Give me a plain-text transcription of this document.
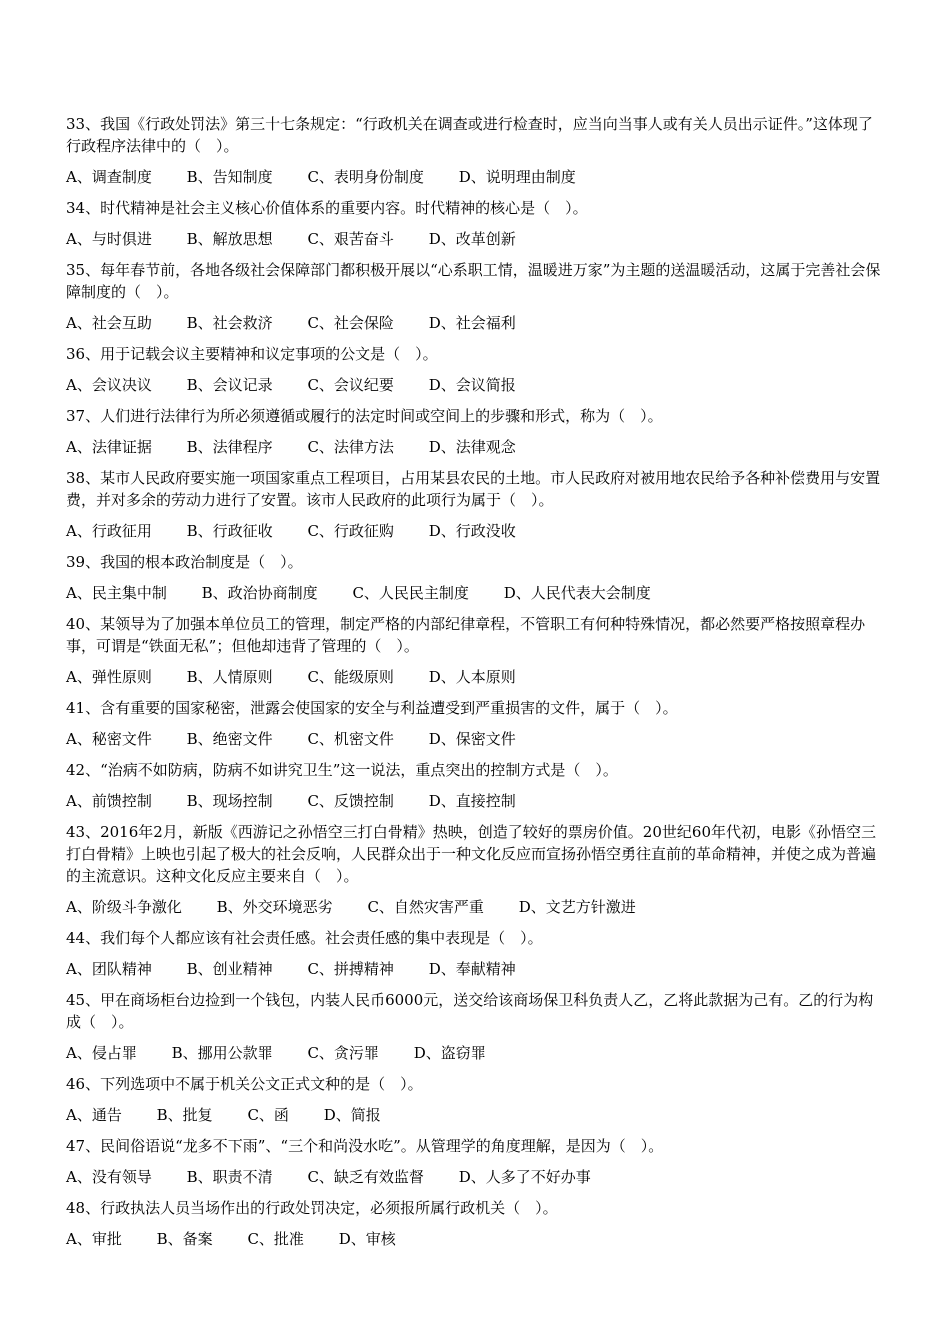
33、我国《行政处罚法》第三十七条规定：“行政机关在调查或进行检查时，应当向当事人或有关人员出示证件。”这体现了行政程序法律中的（　）。

A、调查制度 B、告知制度 C、表明身份制度 D、说明理由制度

34、时代精神是社会主义核心价值体系的重要内容。时代精神的核心是（　）。

A、与时俱进 B、解放思想 C、艰苦奋斗 D、改革创新

35、每年春节前，各地各级社会保障部门都积极开展以“心系职工情，温暖进万家”为主题的送温暖活动，这属于完善社会保障制度的（　）。

A、社会互助 B、社会救济 C、社会保险 D、社会福利

36、用于记载会议主要精神和议定事项的公文是（　）。

A、会议决议 B、会议记录 C、会议纪要 D、会议简报

37、人们进行法律行为所必须遵循或履行的法定时间或空间上的步骤和形式，称为（　）。

A、法律证据 B、法律程序 C、法律方法 D、法律观念

38、某市人民政府要实施一项国家重点工程项目，占用某县农民的土地。市人民政府对被用地农民给予各种补偿费用与安置费，并对多余的劳动力进行了安置。该市人民政府的此项行为属于（　）。

A、行政征用 B、行政征收 C、行政征购 D、行政没收

39、我国的根本政治制度是（　）。

A、民主集中制 B、政治协商制度 C、人民民主制度 D、人民代表大会制度

40、某领导为了加强本单位员工的管理，制定严格的内部纪律章程，不管职工有何种特殊情况，都必然要严格按照章程办事，可谓是“铁面无私”；但他却违背了管理的（　）。

A、弹性原则 B、人情原则 C、能级原则 D、人本原则

41、含有重要的国家秘密，泄露会使国家的安全与利益遭受到严重损害的文件，属于（　）。

A、秘密文件 B、绝密文件 C、机密文件 D、保密文件

42、“治病不如防病，防病不如讲究卫生”这一说法，重点突出的控制方式是（　）。

A、前馈控制 B、现场控制 C、反馈控制 D、直接控制

43、2016年2月，新版《西游记之孙悟空三打白骨精》热映，创造了较好的票房价值。20世纪60年代初，电影《孙悟空三打白骨精》上映也引起了极大的社会反响，人民群众出于一种文化反应而宣扬孙悟空勇往直前的革命精神，并使之成为普遍的主流意识。这种文化反应主要来自（　）。

A、阶级斗争激化 B、外交环境恶劣 C、自然灾害严重 D、文艺方针激进

44、我们每个人都应该有社会责任感。社会责任感的集中表现是（　）。

A、团队精神 B、创业精神 C、拼搏精神 D、奉献精神

45、甲在商场柜台边捡到一个钱包，内装人民币6000元，送交给该商场保卫科负责人乙，乙将此款据为己有。乙的行为构成（　）。

A、侵占罪 B、挪用公款罪 C、贪污罪 D、盗窃罪

46、下列选项中不属于机关公文正式文种的是（　）。

A、通告 B、批复 C、函 D、简报

47、民间俗语说“龙多不下雨”、“三个和尚没水吃”。从管理学的角度理解，是因为（　）。

A、没有领导 B、职责不清 C、缺乏有效监督 D、人多了不好办事

48、行政执法人员当场作出的行政处罚决定，必须报所属行政机关（　）。

A、审批 B、备案 C、批准 D、审核
